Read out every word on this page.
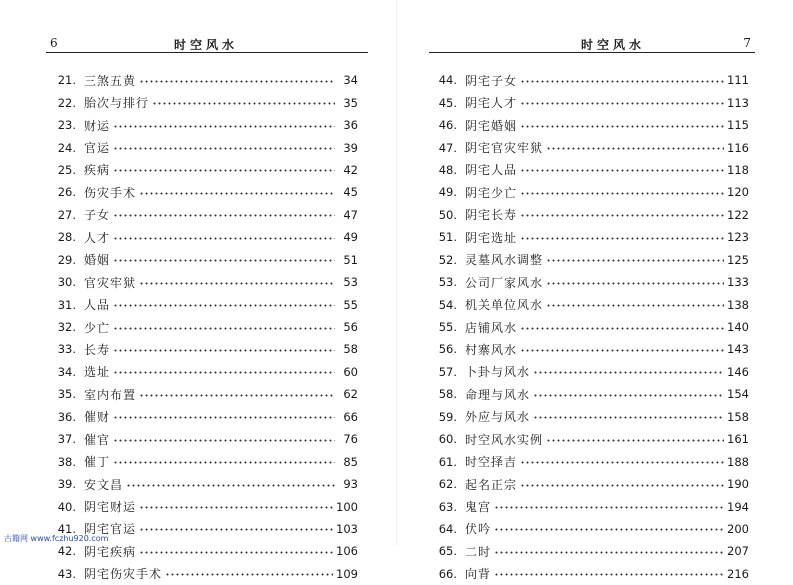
6	时空风水
21. 三煞五黄	34
22. 胎次与排行	35
23. 财运	36
24. 官运	39
25. 疾病	42
26. 伤灾手术	45
27. 子女	47
28. 人才	49
29. 婚姻	51
30. 官灾牢狱	53
31. 人品	55
32. 少亡	56
33. 长寿	58
34. 选址	60
35. 室内布置	62
36. 催财	66
37. 催官	76
38. 催丁	85
39. 安文昌	93
40. 阴宅财运	100
41. 阴宅官运	103
42. 阴宅疾病	106
43. 阴宅伤灾手术	109
时空风水	7
44. 阴宅子女	111
45. 阴宅人才	113
46. 阴宅婚姻	115
47. 阴宅官灾牢狱	116
48. 阴宅人品	118
49. 阴宅少亡	120
50. 阴宅长寿	122
51. 阴宅选址	123
52. 灵墓风水调整	125
53. 公司厂家风水	133
54. 机关单位风水	138
55. 店铺风水	140
56. 村寨风水	143
57. 卜卦与风水	146
58. 命理与风水	154
59. 外应与风水	158
60. 时空风水实例	161
61. 时空择吉	188
62. 起名正宗	190
63. 鬼宫	194
64. 伏吟	200
65. 二时	207
66. 向背	216
古籍网 www.fczhu920.com
